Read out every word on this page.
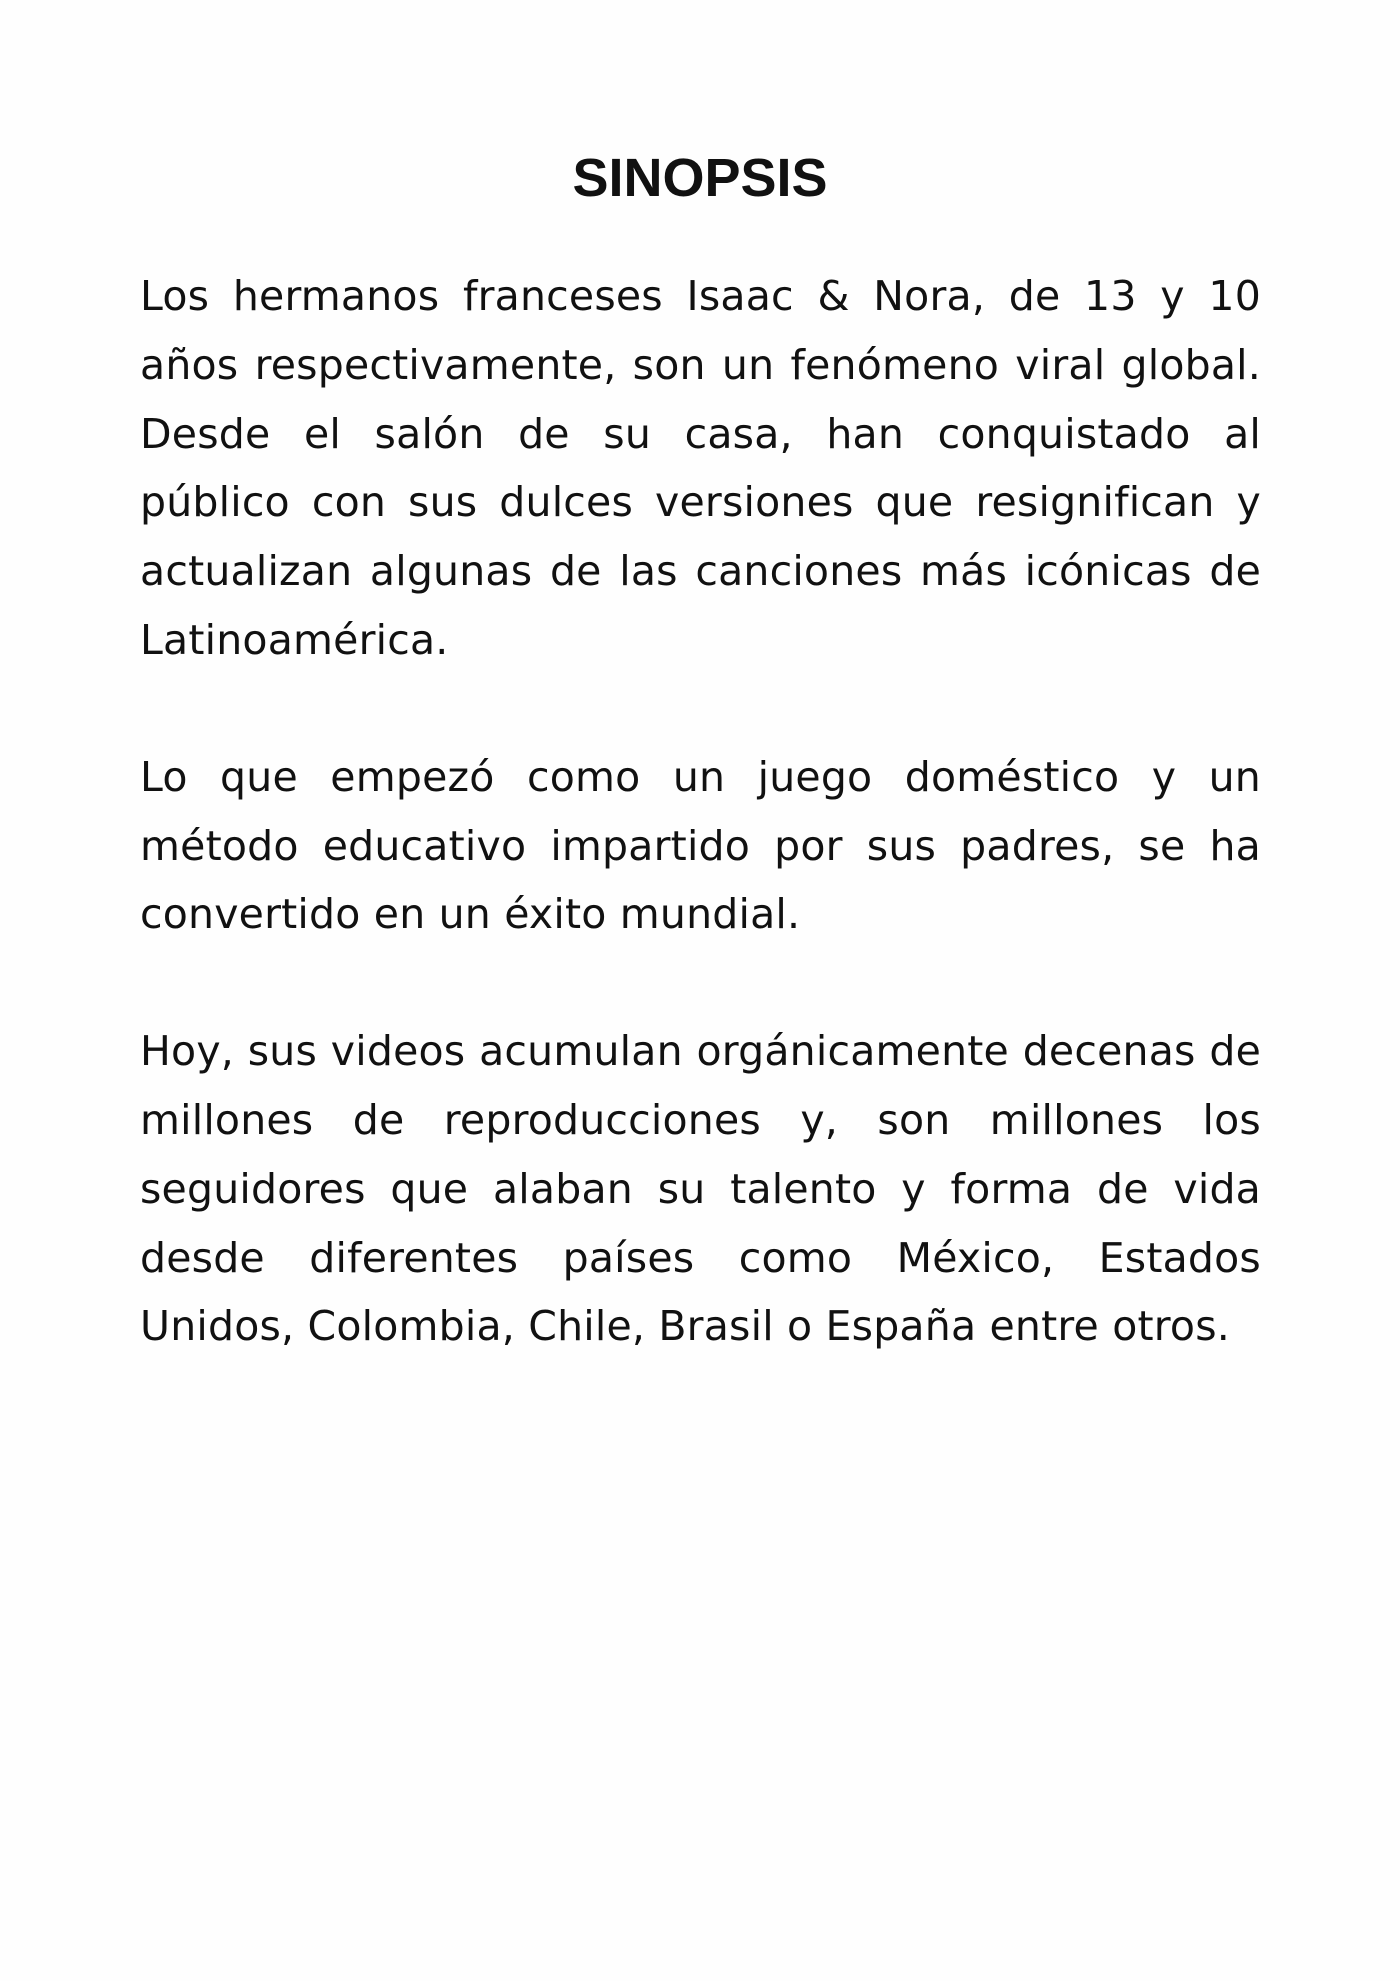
SINOPSIS

Los hermanos franceses Isaac & Nora, de 13 y 10 años respectivamente, son un fenómeno viral global. Desde el salón de su casa, han conquistado al público con sus dulces versiones que resignifican y actualizan algunas de las canciones más icónicas de Latinoamérica.

Lo que empezó como un juego doméstico y un método educativo impartido por sus padres, se ha convertido en un éxito mundial.

Hoy, sus videos acumulan orgánicamente decenas de millones de reproducciones y, son millones los seguidores que alaban su talento y forma de vida desde diferentes países como México, Estados Unidos, Colombia, Chile, Brasil o España entre otros.
